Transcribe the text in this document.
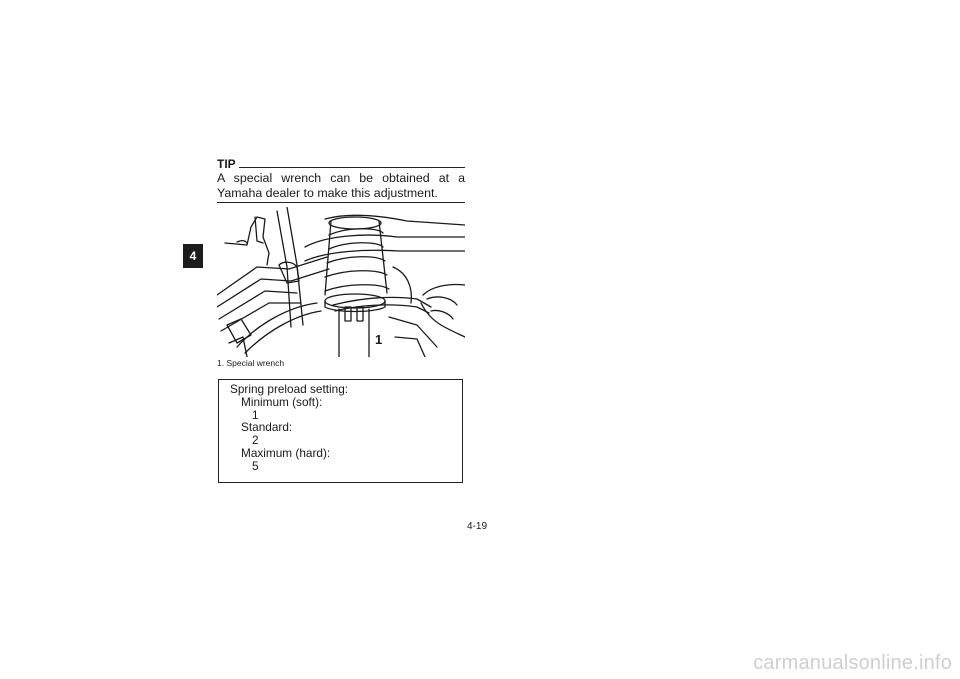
4
TIP
A special wrench can be obtained at a Yamaha dealer to make this adjustment.
1
1. Special wrench
Spring preload setting:
Minimum (soft):
1
Standard:
2
Maximum (hard):
5
4-19
carmanualsonline.info
